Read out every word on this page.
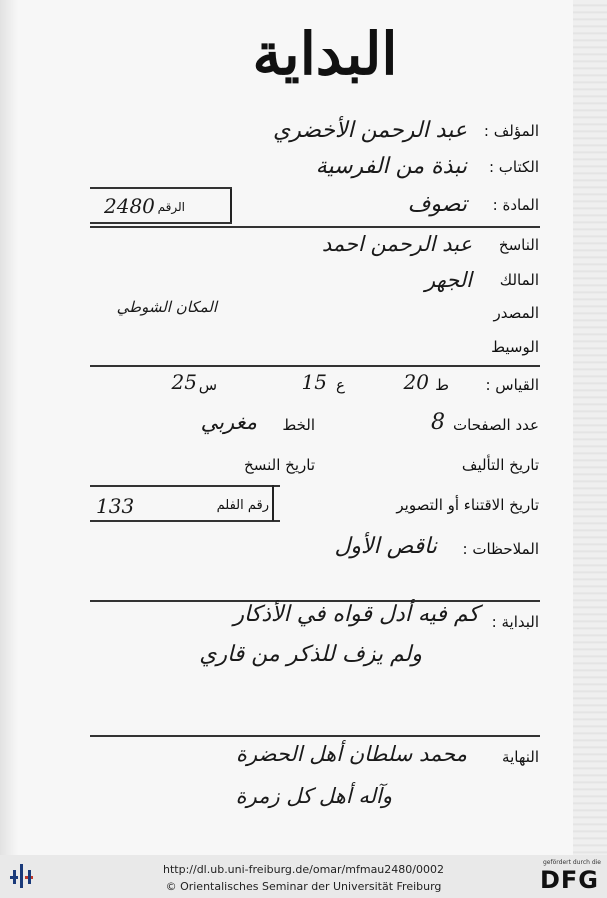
البداية
المؤلف :
عبد الرحمن الأخضري
الكتاب :
نبذة من الفرسية
المادة :
تصوف
الرقم
2480
الناسخ
عبد الرحمن احمد
المالك
الجهر
المصدر
المكان الشوطي
الوسيط
القياس :
ط
20
ع
15
س
25
عدد الصفحات
8
الخط
مغربي
تاريخ التأليف
تاريخ النسخ
تاريخ الاقتناء أو التصوير
رقم الفلم
133
الملاحظات :
ناقص الأول
البداية :
كم فيه أدل قواه في الأذكار
ولم يزف للذكر من قاري
النهاية
محمد سلطان أهل الحضرة
وآله أهل كل زمرة
http://dl.ub.uni-freiburg.de/omar/mfmau2480/0002
© Orientalisches Seminar der Universität Freiburg
gefördert durch die
DFG
